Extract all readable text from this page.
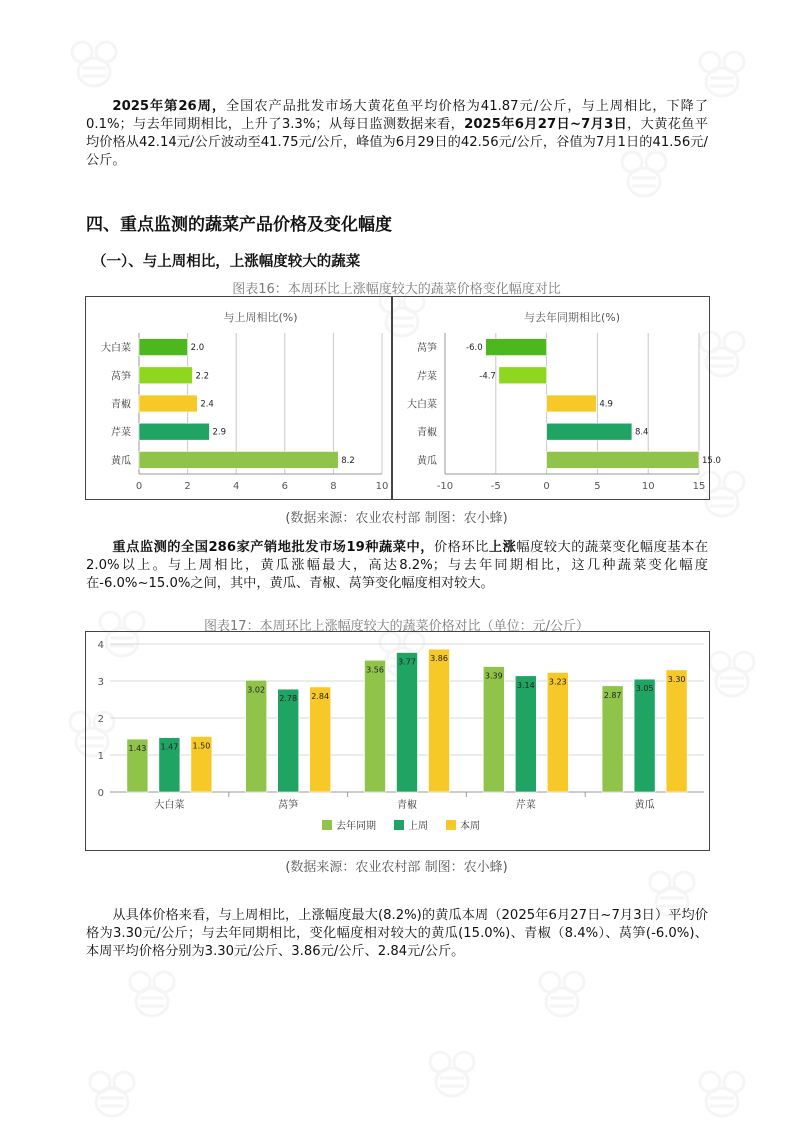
2025年第26周，全国农产品批发市场大黄花鱼平均价格为41.87元/公斤，与上周相比，下降了0.1%；与去年同期相比，上升了3.3%；从每日监测数据来看，2025年6月27日~7月3日，大黄花鱼平均价格从42.14元/公斤波动至41.75元/公斤，峰值为6月29日的42.56元/公斤，谷值为7月1日的41.56元/公斤。

四、重点监测的蔬菜产品价格及变化幅度
（一）、与上周相比，上涨幅度较大的蔬菜
图表16：本周环比上涨幅度较大的蔬菜价格变化幅度对比
与上周相比(%)
0	2	4	6	8	10
大白菜	2.0
莴笋	2.2
青椒	2.4
芹菜	2.9
黄瓜	8.2
与去年同期相比(%)
-10	-5	0	5	10	15
莴笋	-6.0
芹菜	-4.7
大白菜	4.9
青椒	8.4
黄瓜	15.0
(数据来源：农业农村部 制图：农小蜂)

重点监测的全国286家产销地批发市场19种蔬菜中，价格环比上涨幅度较大的蔬菜变化幅度基本在2.0%以上。与上周相比，黄瓜涨幅最大，高达8.2%；与去年同期相比，这几种蔬菜变化幅度在-6.0%~15.0%之间，其中，黄瓜、青椒、莴笋变化幅度相对较大。

图表17：本周环比上涨幅度较大的蔬菜价格对比（单位：元/公斤）
0
1
2
3
4
大白菜
1.43 1.47 1.50
莴笋
3.02
2.78 2.84
青椒
3.56
3.77 3.86
芹菜
3.39
3.14 3.23
黄瓜
2.87
3.05
3.30
去年同期	上周	本周
(数据来源：农业农村部 制图：农小蜂)

从具体价格来看，与上周相比，上涨幅度最大(8.2%)的黄瓜本周（2025年6月27日~7月3日）平均价格为3.30元/公斤；与去年同期相比，变化幅度相对较大的黄瓜(15.0%)、青椒（8.4%）、莴笋(-6.0%)、本周平均价格分别为3.30元/公斤、3.86元/公斤、2.84元/公斤。
